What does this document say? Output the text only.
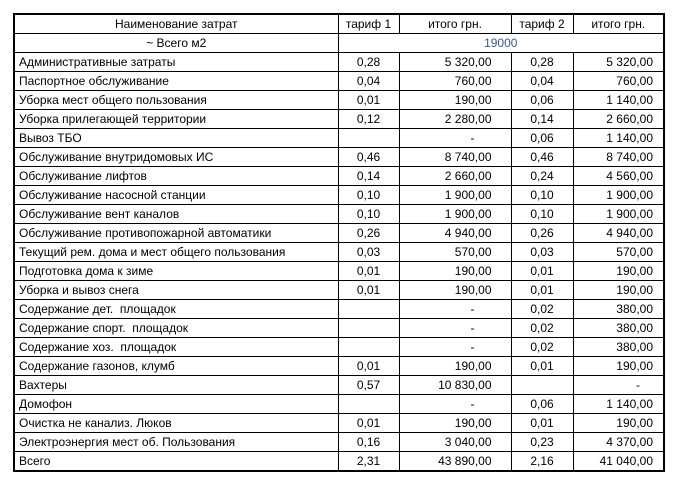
Наименование затрат	тариф 1	итого грн.	тариф 2	итого грн.
~ Всего м2	19000			
Административные затраты	0,28	5 320,00	0,28	5 320,00
Паспортное обслуживание	0,04	760,00	0,04	760,00
Уборка мест общего пользования	0,01	190,00	0,06	1 140,00
Уборка прилегающей территории	0,12	2 280,00	0,14	2 660,00
Вывоз ТБО		-	0,06	1 140,00
Обслуживание внутридомовых ИС	0,46	8 740,00	0,46	8 740,00
Обслуживание лифтов	0,14	2 660,00	0,24	4 560,00
Обслуживание насосной станции	0,10	1 900,00	0,10	1 900,00
Обслуживание вент каналов	0,10	1 900,00	0,10	1 900,00
Обслуживание противопожарной автоматики	0,26	4 940,00	0,26	4 940,00
Текущий рем. дома и мест общего пользования	0,03	570,00	0,03	570,00
Подготовка дома к зиме	0,01	190,00	0,01	190,00
Уборка и вывоз снега	0,01	190,00	0,01	190,00
Содержание дет.  площадок		-	0,02	380,00
Содержание спорт.  площадок		-	0,02	380,00
Содержание хоз.  площадок		-	0,02	380,00
Содержание газонов, клумб	0,01	190,00	0,01	190,00
Вахтеры	0,57	10 830,00		-
Домофон		-	0,06	1 140,00
Очистка не канализ. Люков	0,01	190,00	0,01	190,00
Электроэнергия мест об. Пользования	0,16	3 040,00	0,23	4 370,00
Всего	2,31	43 890,00	2,16	41 040,00
